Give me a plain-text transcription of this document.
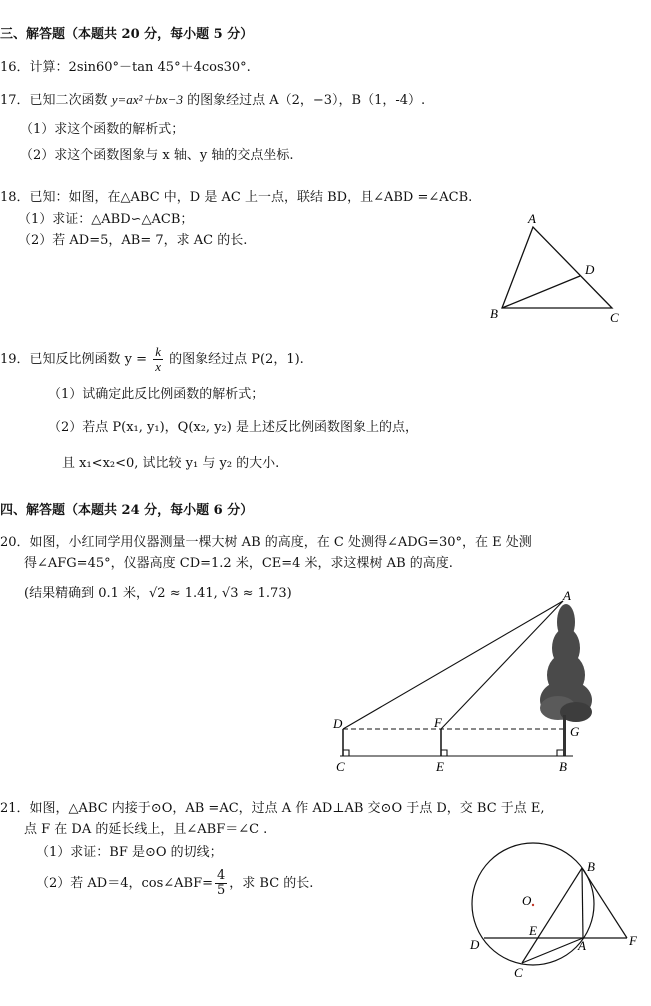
三、解答题（本题共 20 分，每小题 5 分）
16．计算：2sin60°－tan 45°＋4cos30°.
17．已知二次函数 y=ax²＋bx−3 的图象经过点 A（2，−3），B（1，-4）.
（1）求这个函数的解析式；
（2）求这个函数图象与 x 轴、y 轴的交点坐标.
18．已知：如图，在△ABC 中，D 是 AC 上一点，联结 BD，且∠ABD =∠ACB.
（1）求证：△ABD∽△ACB；
（2）若 AD=5，AB= 7，求 AC 的长.
A
D
B	C
19．已知反比例函数 $y = \frac{k}{x}$ 的图象经过点 P(2，1).
（1）试确定此反比例函数的解析式；
（2）若点 P(x₁, y₁)，Q(x₂, y₂) 是上述反比例函数图象上的点，
且 x₁<x₂<0, 试比较 y₁ 与 y₂ 的大小.
四、解答题（本题共 24 分，每小题 6 分）
20．如图，小红同学用仪器测量一棵大树 AB 的高度，在 C 处测得∠ADG=30°，在 E 处测
得∠AFG=45°，仪器高度 CD=1.2 米，CE=4 米，求这棵树 AB 的高度.
(结果精确到 0.1 米，√2 ≈ 1.41, √3 ≈ 1.73)	A
D	F
G
C	E	B
21．如图，△ABC 内接于⊙O，AB =AC，过点 A 作 AD⊥AB 交⊙O 于点 D，交 BC 于点 E,
点 F 在 DA 的延长线上，且∠ABF＝∠C .
（1）求证：BF 是⊙O 的切线；
（2）若 AD＝4，cos∠ABF= $\frac{4}{5}$ ，求 BC 的长.
O
B
E
D	A	F
C
